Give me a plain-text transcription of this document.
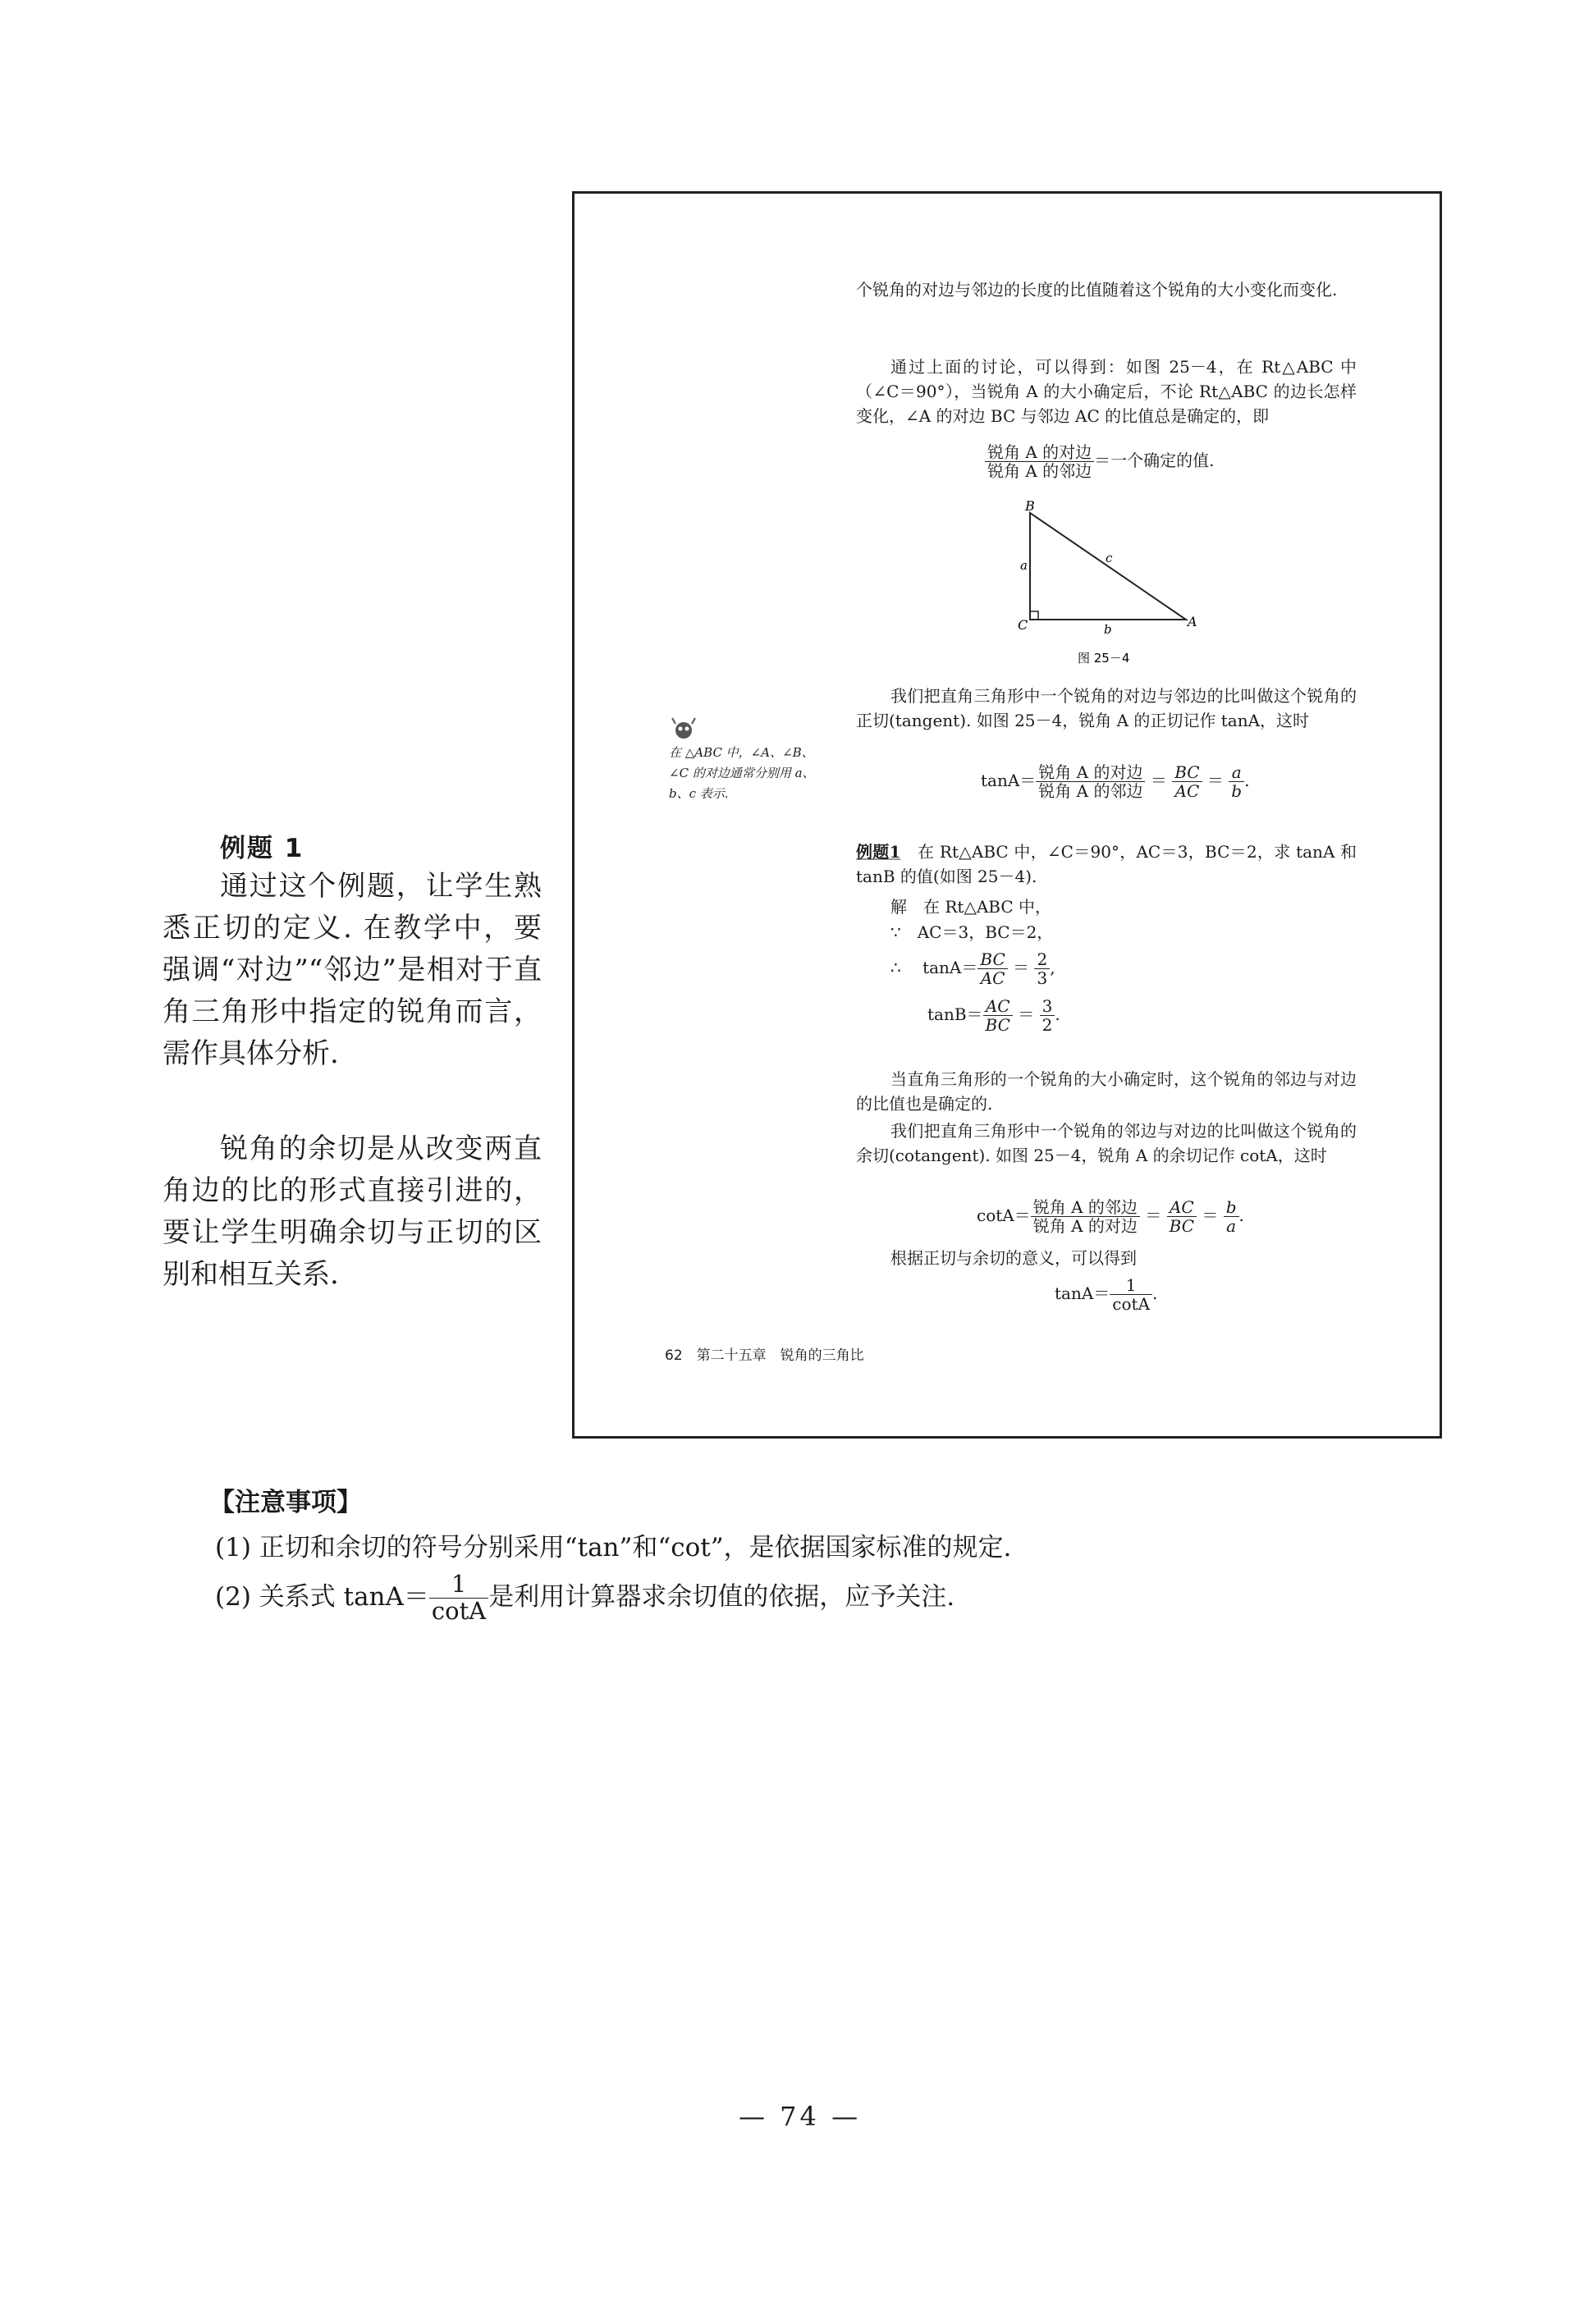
例题 1
通过这个例题，让学生熟悉正切的定义. 在教学中，要强调“对边”“邻边”是相对于直角三角形中指定的锐角而言，需作具体分析.
锐角的余切是从改变两直角边的比的形式直接引进的，要让学生明确余切与正切的区别和相互关系.
个锐角的对边与邻边的长度的比值随着这个锐角的大小变化而变化.
通过上面的讨论，可以得到：如图 25－4，在 Rt△ABC 中（∠C＝90°），当锐角 A 的大小确定后，不论 Rt△ABC 的边长怎样变化，∠A 的对边 BC 与邻边 AC 的比值总是确定的，即
$\frac{\text{锐角 A 的对边}}{\text{锐角 A 的邻边}}$ ＝一个确定的值.
B
C	A
a
b
c
图 25－4
我们把直角三角形中一个锐角的对边与邻边的比叫做这个锐角的正切(tangent). 如图 25－4，锐角 A 的正切记作 tanA，这时
$\tan A= \frac{\text{锐角 A 的对边}}{\text{锐角 A 的邻边}} = \frac{BC}{AC} = \frac{a}{b}$ .
在 △ABC 中，∠A、∠B、∠C 的对边通常分别用 a、b、c 表示.
例题1　 在 Rt△ABC 中，∠C＝90°，AC＝3，BC＝2，求 tanA 和 tanB 的值(如图 25－4).
解　在 Rt△ABC 中，
∵　AC＝3，BC＝2，
∴　 $\tan A= \frac{BC}{AC} = \frac{2}{3}$ ,
$\tan B= \frac{AC}{BC} = \frac{3}{2}$ .
当直角三角形的一个锐角的大小确定时，这个锐角的邻边与对边的比值也是确定的.
我们把直角三角形中一个锐角的邻边与对边的比叫做这个锐角的余切(cotangent). 如图 25－4，锐角 A 的余切记作 cotA，这时
$\cot A= \frac{\text{锐角 A 的邻边}}{\text{锐角 A 的对边}} = \frac{AC}{BC} = \frac{b}{a}$ .
根据正切与余切的意义，可以得到
$\tan A= \frac{1}{\cot A}$ .
62　 第二十五章　锐角的三角比
【注意事项】
(1) 正切和余切的符号分别采用“tan”和“cot”，是依据国家标准的规定.
(2) 关系式 $\tan A= \frac{1}{\cot A}$ 是利用计算器求余切值的依据，应予关注.
— 74 —
